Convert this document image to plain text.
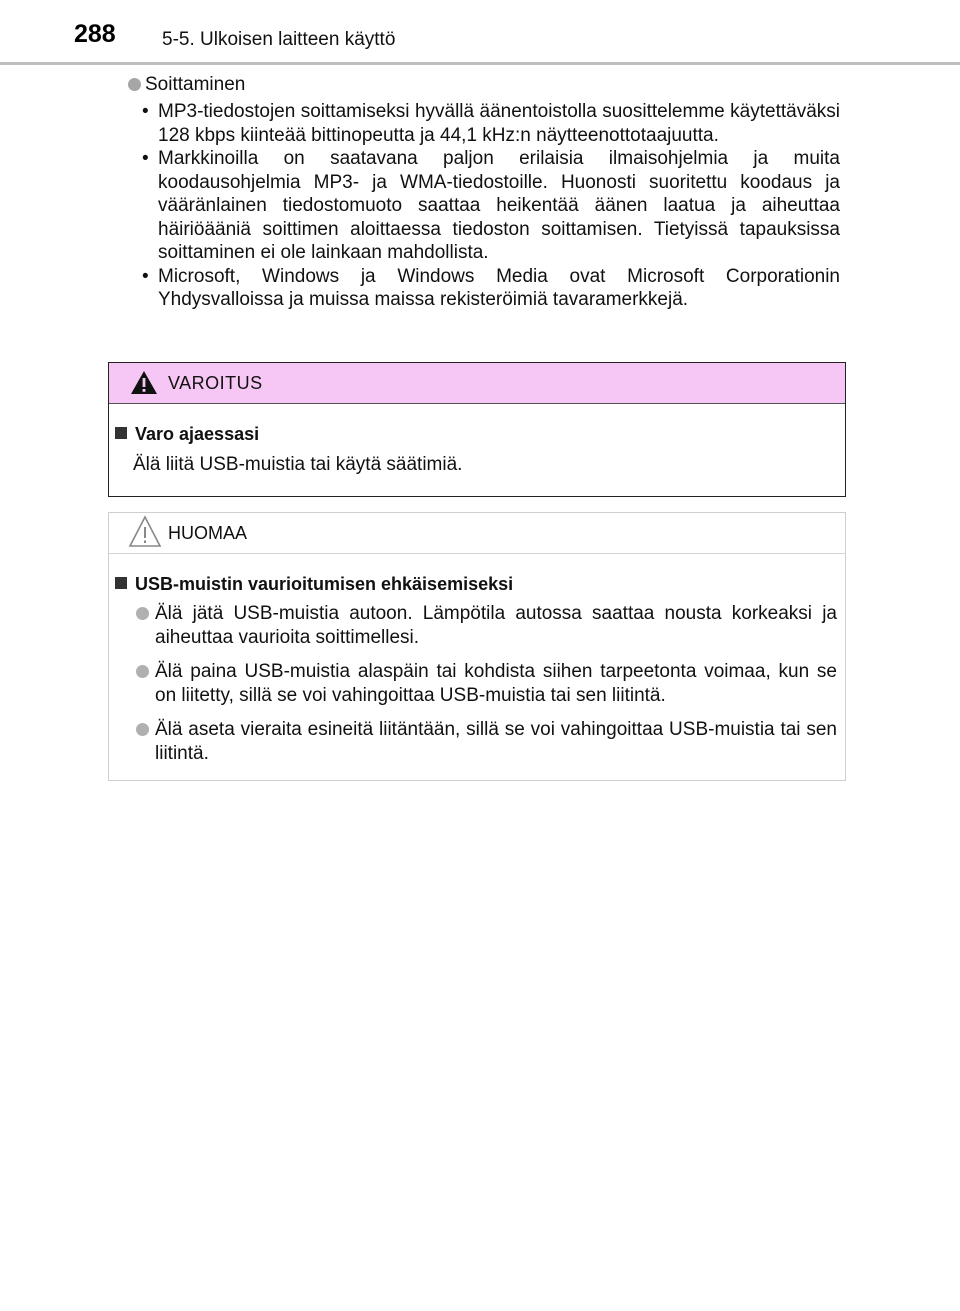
288 5-5. Ulkoisen laitteen käyttö
Soittaminen
• MP3-tiedostojen soittamiseksi hyvällä äänentoistolla suosittelemme käytettäväksi 128 kbps kiinteää bittinopeutta ja 44,1 kHz:n näytteenottotaajuutta.
• Markkinoilla on saatavana paljon erilaisia ilmaisohjelmia ja muita koodausohjelmia MP3- ja WMA-tiedostoille. Huonosti suoritettu koodaus ja vääränlainen tiedostomuoto saattaa heikentää äänen laatua ja aiheuttaa häiriöääniä soittimen aloittaessa tiedoston soittamisen. Tietyissä tapauksissa soittaminen ei ole lainkaan mahdollista.
• Microsoft, Windows ja Windows Media ovat Microsoft Corporationin Yhdysvalloissa ja muissa maissa rekisteröimiä tavaramerkkejä.
VAROITUS
Varo ajaessasi
Älä liitä USB-muistia tai käytä säätimiä.
HUOMAA
USB-muistin vaurioitumisen ehkäisemiseksi
Älä jätä USB-muistia autoon. Lämpötila autossa saattaa nousta korkeaksi ja aiheuttaa vaurioita soittimellesi.
Älä paina USB-muistia alaspäin tai kohdista siihen tarpeetonta voimaa, kun se on liitetty, sillä se voi vahingoittaa USB-muistia tai sen liitintä.
Älä aseta vieraita esineitä liitäntään, sillä se voi vahingoittaa USB-muistia tai sen liitintä.
